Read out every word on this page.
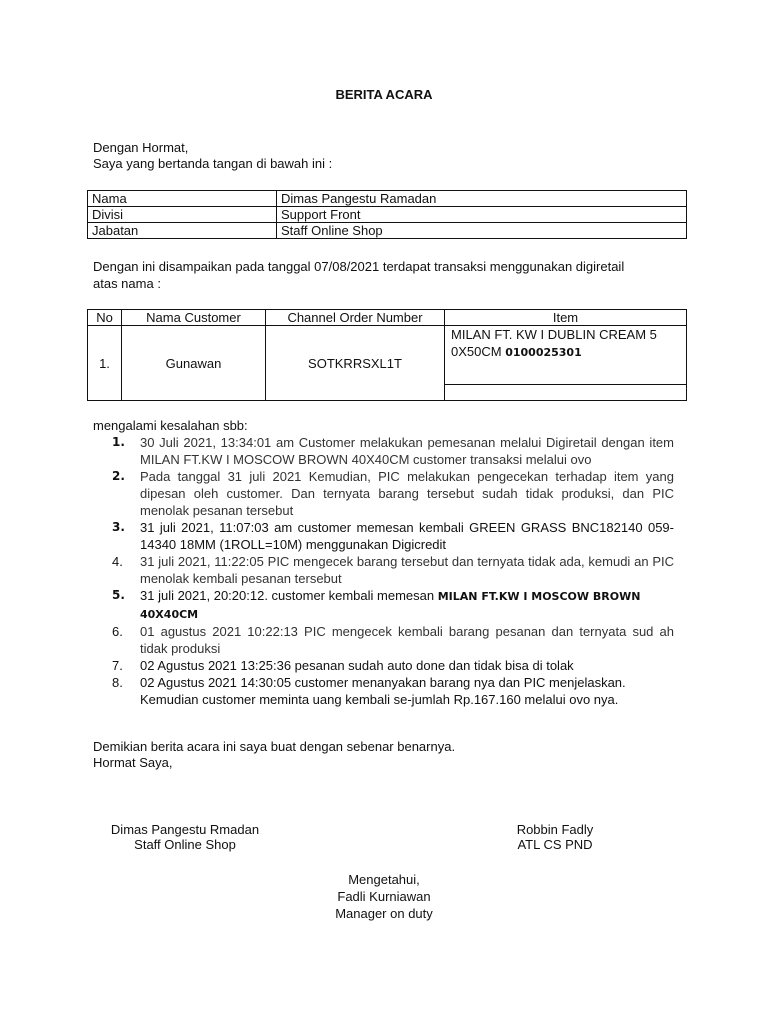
BERITA ACARA
Dengan Hormat,
Saya yang bertanda tangan di bawah ini :
Nama	Dimas Pangestu Ramadan
Divisi	Support Front
Jabatan	Staff Online Shop
Dengan ini disampaikan pada tanggal 07/08/2021 terdapat transaksi menggunakan digiretail
atas nama :
No	Nama Customer	Channel Order Number	Item
1.	Gunawan	SOTKRRSXL1T	MILAN FT. KW I DUBLIN CREAM 5
0X50CM 0100025301

mengalami kesalahan sbb:
1.	30 Juli 2021, 13:34:01 am Customer melakukan pemesanan melalui Digiretail dengan item MILAN FT.KW I MOSCOW BROWN 40X40CM customer transaksi melalui ovo
2.	Pada tanggal 31 juli 2021 Kemudian, PIC melakukan pengecekan terhadap item yang dipesan oleh customer. Dan ternyata barang tersebut sudah tidak produksi, dan PIC menolak pesanan tersebut
3.	31 juli 2021, 11:07:03 am customer memesan kembali GREEN GRASS BNC182140 059-14340 18MM (1ROLL=10M) menggunakan Digicredit
4.	31 juli 2021, 11:22:05 PIC mengecek barang tersebut dan ternyata tidak ada, kemudi an PIC menolak kembali pesanan tersebut
5.	31 juli 2021, 20:20:12. customer kembali memesan MILAN FT.KW I MOSCOW BROWN 40X40CM
6.	01 agustus 2021 10:22:13 PIC mengecek kembali barang pesanan dan ternyata sud ah tidak produksi
7.	02 Agustus 2021 13:25:36 pesanan sudah auto done dan tidak bisa di tolak
8.	02 Agustus 2021 14:30:05 customer menanyakan barang nya dan PIC menjelaskan. Kemudian customer meminta uang kembali se-jumlah Rp.167.160 melalui ovo nya.
Demikian berita acara ini saya buat dengan sebenar benarnya.
Hormat Saya,
Dimas Pangestu Rmadan
Staff Online Shop
Robbin Fadly
ATL CS PND
Mengetahui,
Fadli Kurniawan
Manager on duty
